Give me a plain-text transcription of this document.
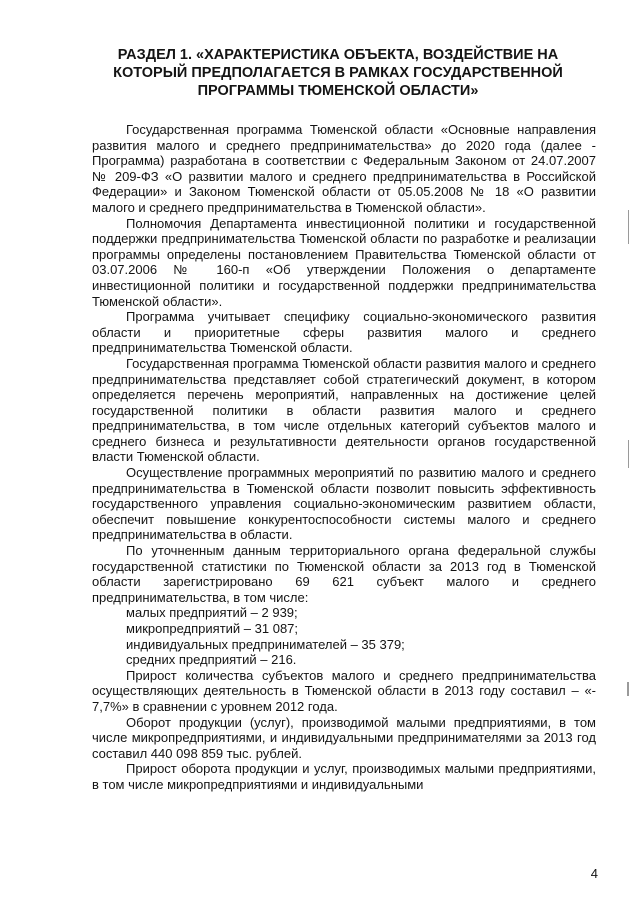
РАЗДЕЛ 1. «ХАРАКТЕРИСТИКА ОБЪЕКТА, ВОЗДЕЙСТВИЕ НА КОТОРЫЙ ПРЕДПОЛАГАЕТСЯ В РАМКАХ ГОСУДАРСТВЕННОЙ ПРОГРАММЫ ТЮМЕНСКОЙ ОБЛАСТИ»

Государственная программа Тюменской области «Основные направления развития малого и среднего предпринимательства» до 2020 года (далее - Программа) разработана в соответствии с Федеральным Законом от 24.07.2007 № 209-ФЗ «О развитии малого и среднего предпринимательства в Российской Федерации» и Законом Тюменской области от 05.05.2008 № 18 «О развитии малого и среднего предпринимательства в Тюменской области».

Полномочия Департамента инвестиционной политики и государственной поддержки предпринимательства Тюменской области по разработке и реализации программы определены постановлением Правительства Тюменской области от 03.07.2006 № 160-п «Об утверждении Положения о департаменте инвестиционной политики и государственной поддержки предпринимательства Тюменской области».

Программа учитывает специфику социально-экономического развития области и приоритетные сферы развития малого и среднего предпринимательства Тюменской области.

Государственная программа Тюменской области развития малого и среднего предпринимательства представляет собой стратегический документ, в котором определяется перечень мероприятий, направленных на достижение целей государственной политики в области развития малого и среднего предпринимательства, в том числе отдельных категорий субъектов малого и среднего бизнеса и результативности деятельности органов государственной власти Тюменской области.

Осуществление программных мероприятий по развитию малого и среднего предпринимательства в Тюменской области позволит повысить эффективность государственного управления социально-экономическим развитием области, обеспечит повышение конкурентоспособности системы малого и среднего предпринимательства в области.

По уточненным данным территориального органа федеральной службы государственной статистики по Тюменской области за 2013 год в Тюменской области зарегистрировано 69 621 субъект малого и среднего предпринимательства, в том числе:

малых предприятий – 2 939;
микропредприятий – 31 087;
индивидуальных предпринимателей – 35 379;
средних предприятий – 216.

Прирост количества субъектов малого и среднего предпринимательства осуществляющих деятельность в Тюменской области в 2013 году составил – «- 7,7%» в сравнении с уровнем 2012 года.

Оборот продукции (услуг), производимой малыми предприятиями, в том числе микропредприятиями, и индивидуальными предпринимателями за 2013 год составил 440 098 859 тыс. рублей.

Прирост оборота продукции и услуг, производимых малыми предприятиями, в том числе микропредприятиями и индивидуальными

4
